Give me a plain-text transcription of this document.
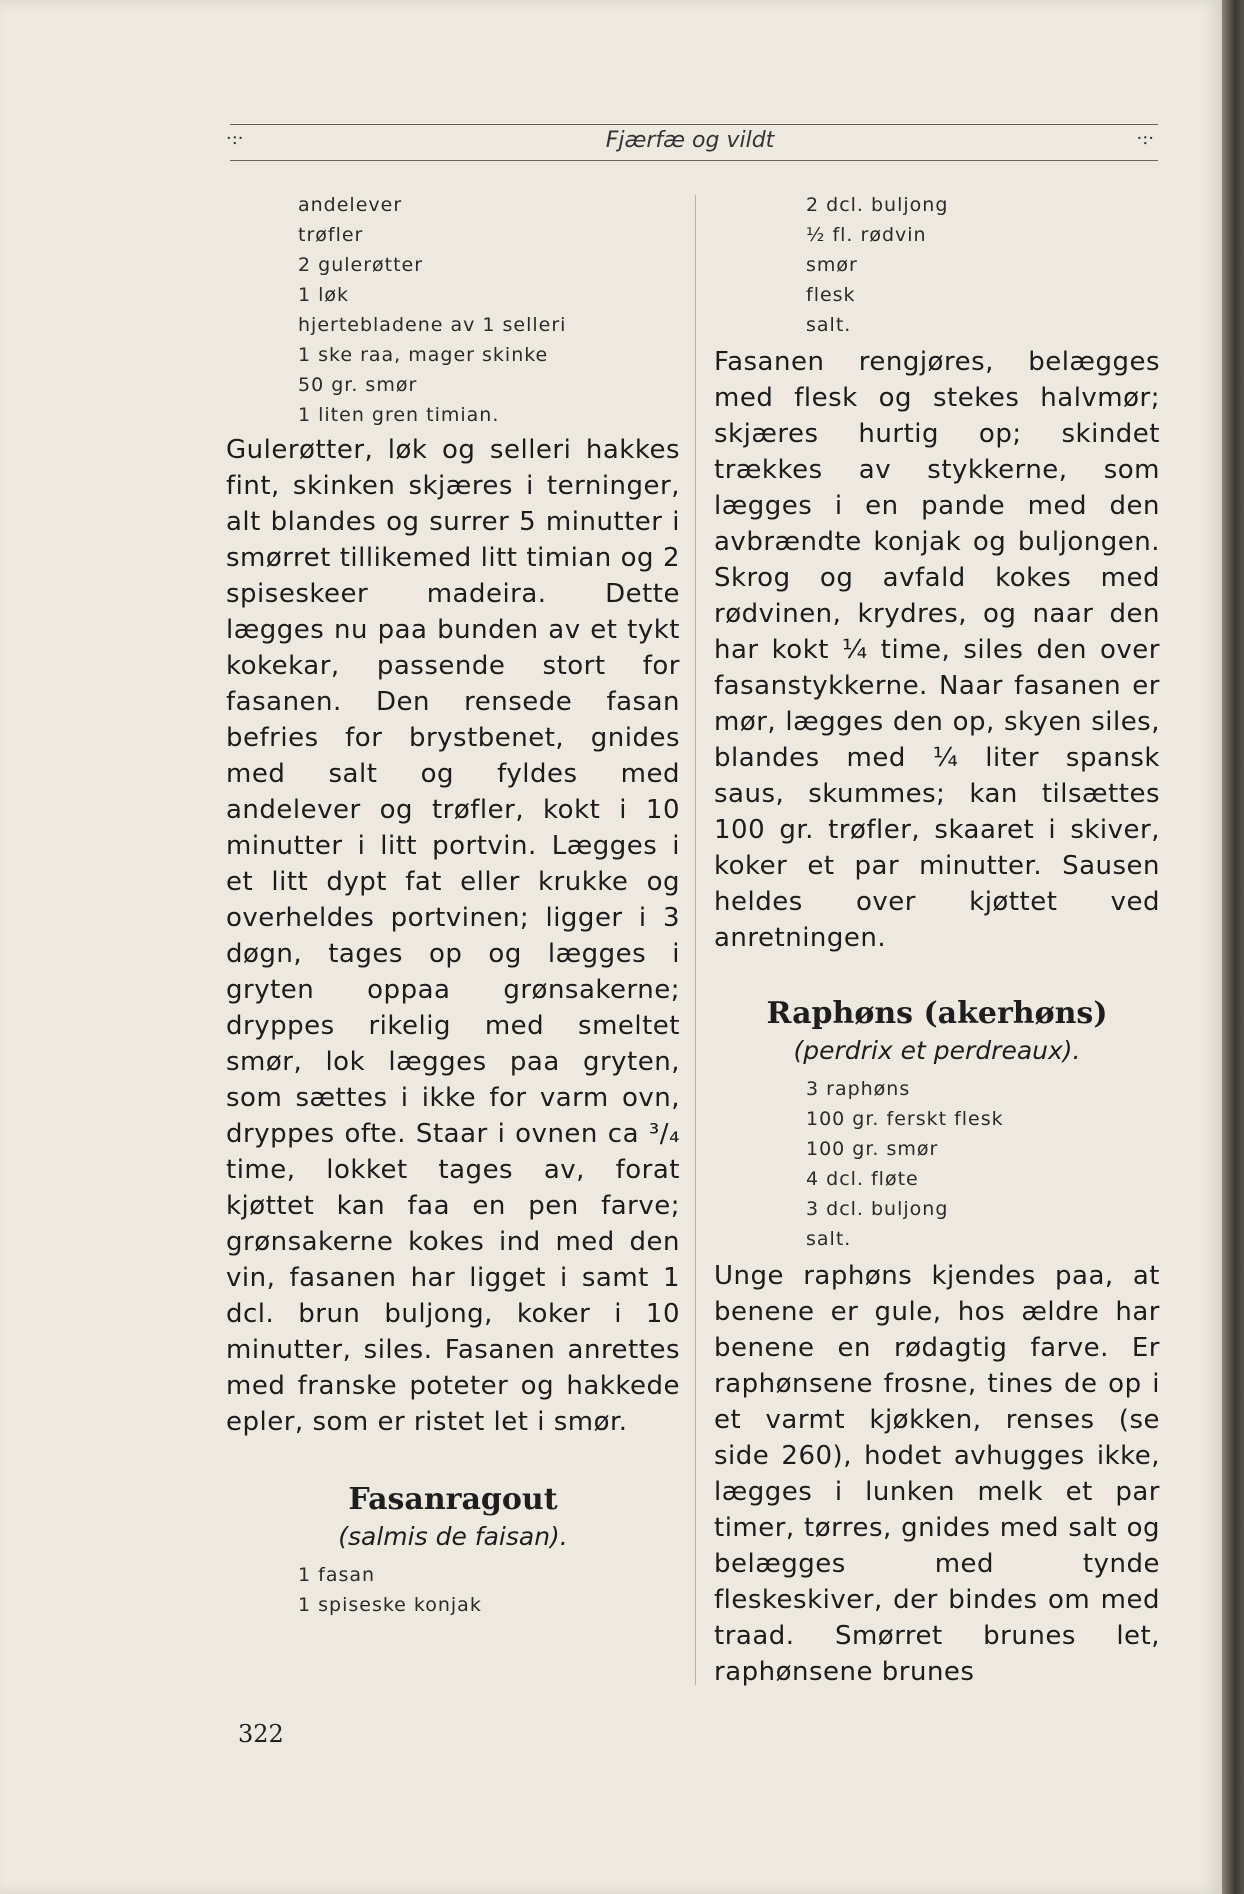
·:·	Fjærfæ og vildt	·:·
andelever
trøfler
2 gulerøtter
1 løk
hjertebladene av 1 selleri
1 ske raa, mager skinke
50 gr. smør
1 liten gren timian.

Gulerøtter, løk og selleri hakkes fint, skinken skjæres i terninger, alt blandes og surrer 5 minutter i smørret tillikemed litt timian og 2 spiseskeer madeira. Dette lægges nu paa bunden av et tykt kokekar, passende stort for fasanen. Den rensede fasan befries for brystbenet, gnides med salt og fyldes med andelever og trøfler, kokt i 10 minutter i litt portvin. Lægges i et litt dypt fat eller krukke og overheldes portvinen; ligger i 3 døgn, tages op og lægges i gryten oppaa grønsakerne; dryppes rikelig med smeltet smør, lok lægges paa gryten, som sættes i ikke for varm ovn, dryppes ofte. Staar i ovnen ca ³/₄ time, lokket tages av, forat kjøttet kan faa en pen farve; grønsakerne kokes ind med den vin, fasanen har ligget i samt 1 dcl. brun buljong, koker i 10 minutter, siles. Fasanen anrettes med franske poteter og hakkede epler, som er ristet let i smør.

Fasanragout

(salmis de faisan).

1 fasan
1 spiseske konjak
2 dcl. buljong
½ fl. rødvin
smør
flesk
salt.

Fasanen rengjøres, belægges med flesk og stekes halvmør; skjæres hurtig op; skindet trækkes av stykkerne, som lægges i en pande med den avbrændte konjak og buljongen. Skrog og avfald kokes med rødvinen, krydres, og naar den har kokt ¼ time, siles den over fasanstykkerne. Naar fasanen er mør, lægges den op, skyen siles, blandes med ¼ liter spansk saus, skummes; kan tilsættes 100 gr. trøfler, skaaret i skiver, koker et par minutter. Sausen heldes over kjøttet ved anretningen.

Raphøns (akerhøns)

(perdrix et perdreaux).

3 raphøns
100 gr. ferskt flesk
100 gr. smør
4 dcl. fløte
3 dcl. buljong
salt.

Unge raphøns kjendes paa, at benene er gule, hos ældre har benene en rødagtig farve. Er raphønsene frosne, tines de op i et varmt kjøkken, renses (se side 260), hodet avhugges ikke, lægges i lunken melk et par timer, tørres, gnides med salt og belægges med tynde fleskeskiver, der bindes om med traad. Smørret brunes let, raphønsene brunes

322
